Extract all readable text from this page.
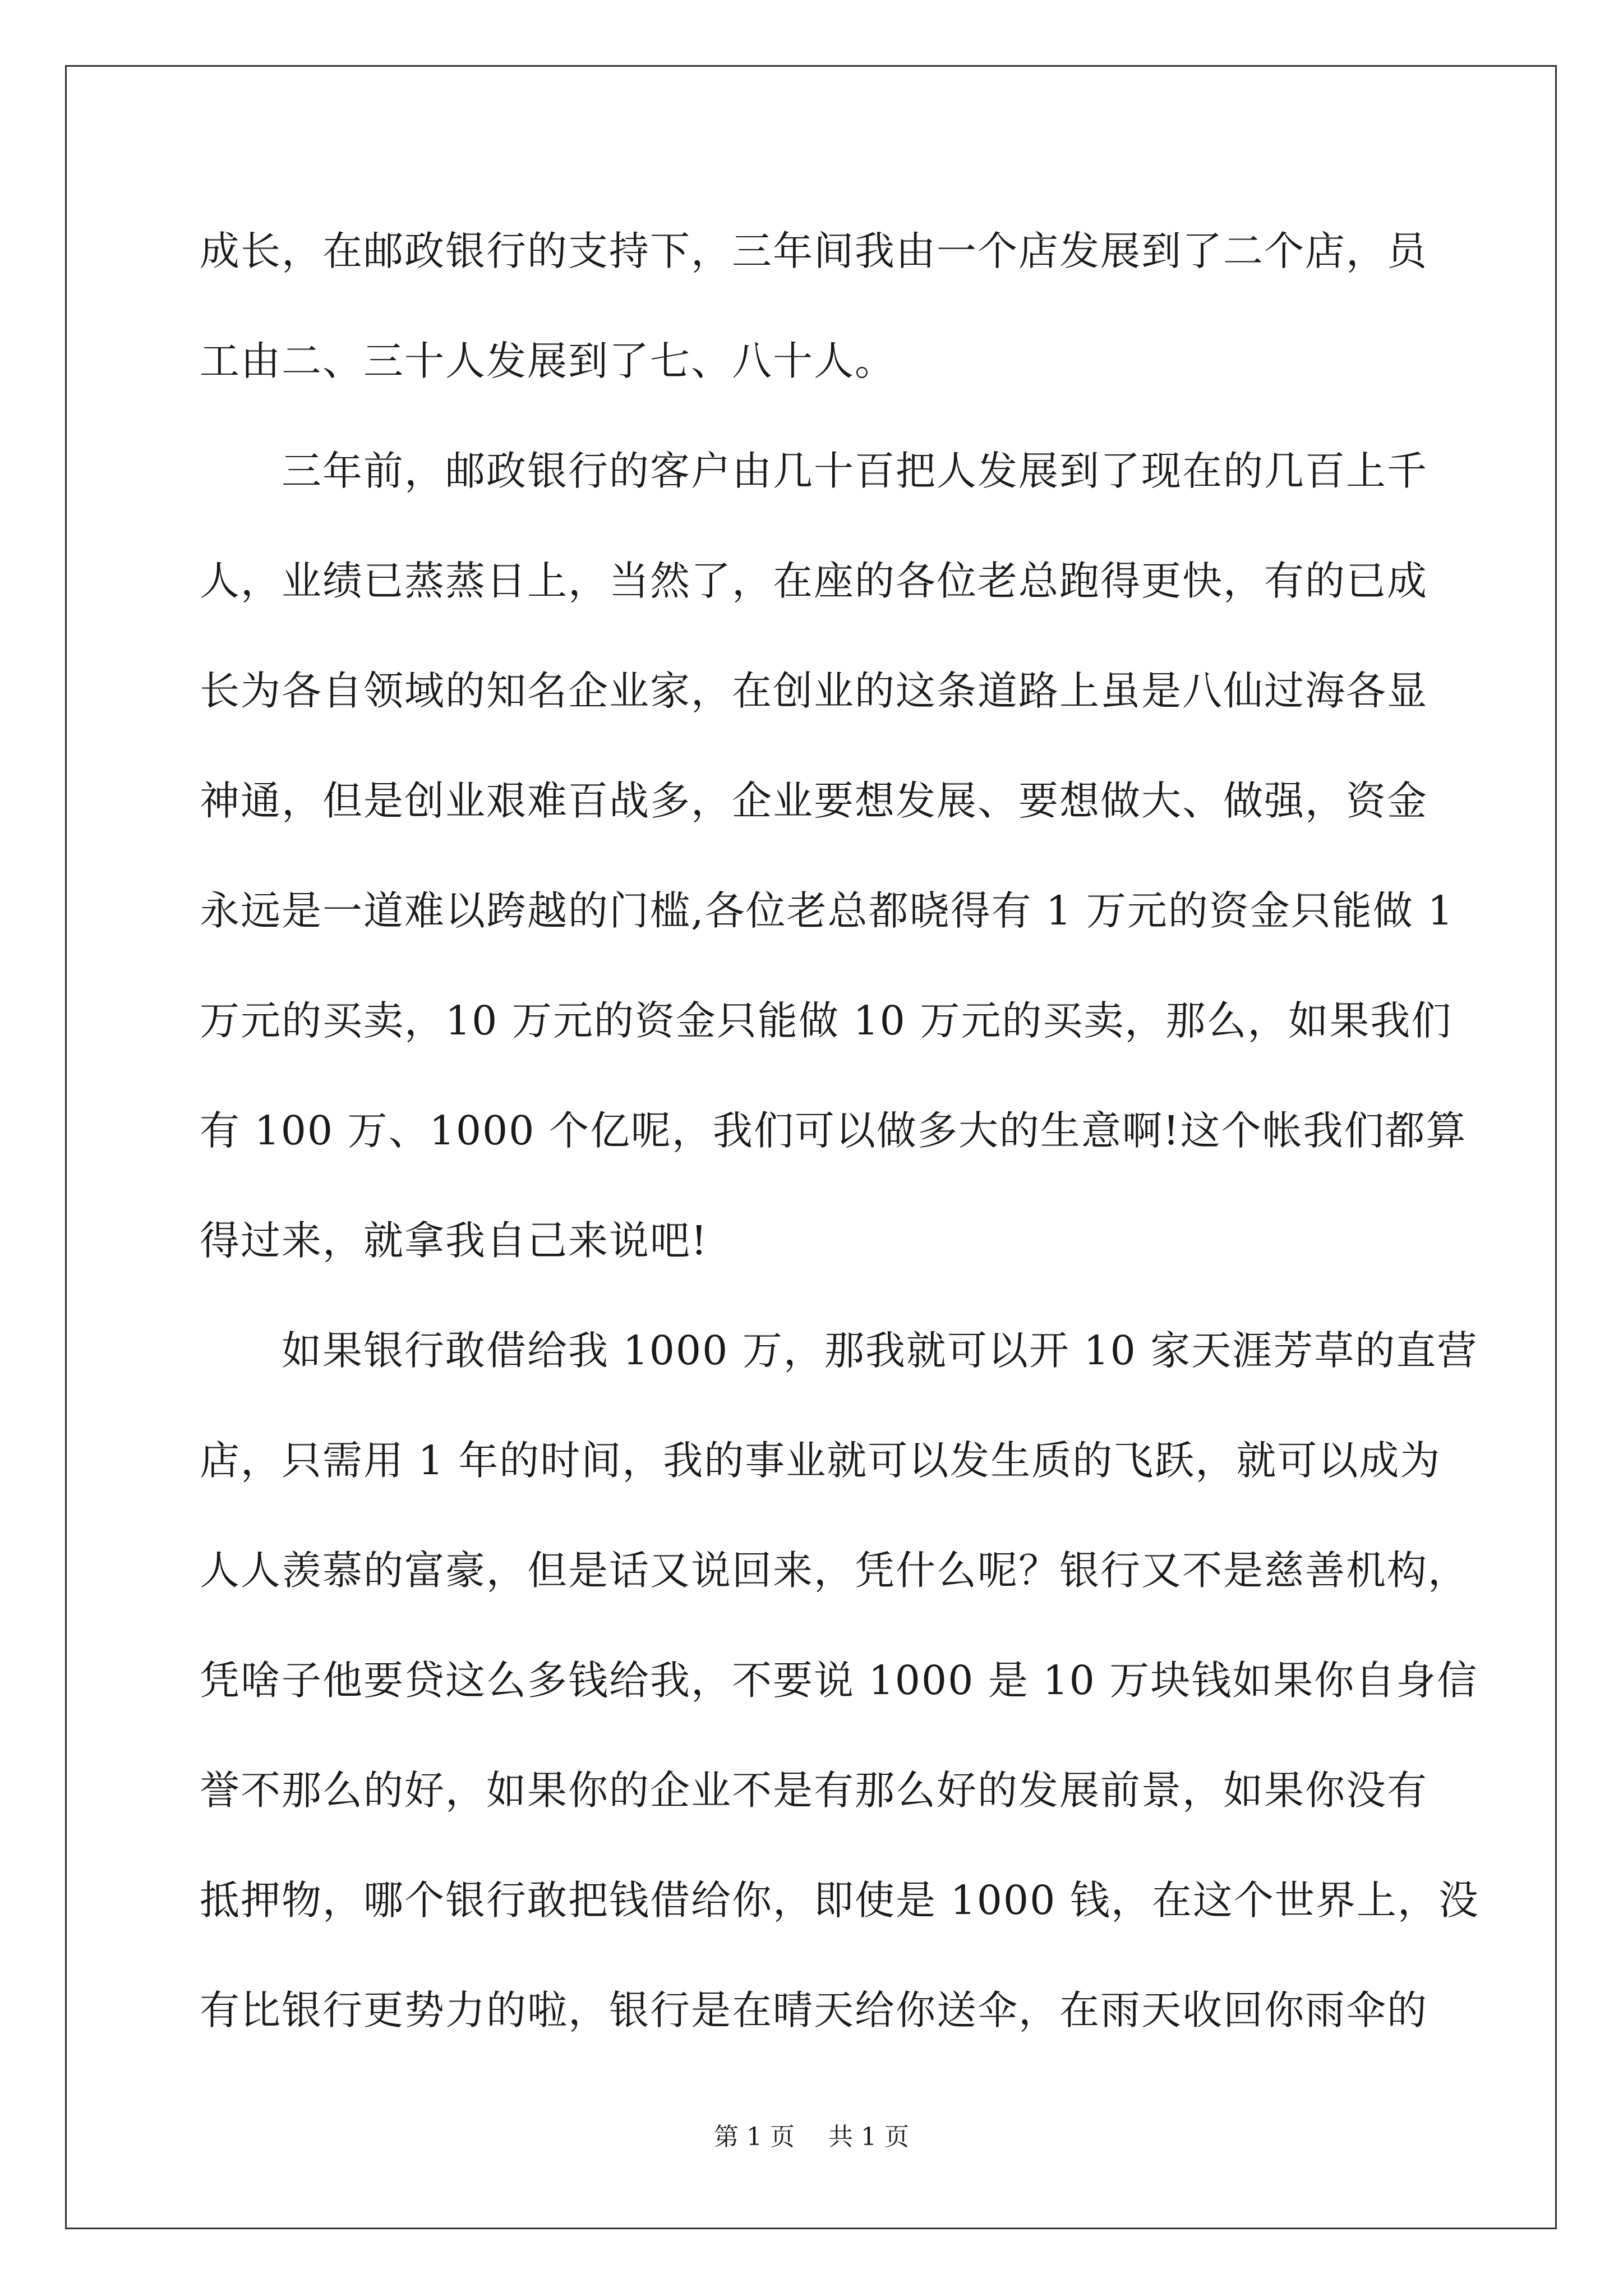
成长，在邮政银行的支持下，三年间我由一个店发展到了二个店，员
工由二、三十人发展到了七、八十人。
　　三年前，邮政银行的客户由几十百把人发展到了现在的几百上千
人，业绩已蒸蒸日上，当然了，在座的各位老总跑得更快，有的已成
长为各自领域的知名企业家，在创业的这条道路上虽是八仙过海各显
神通，但是创业艰难百战多，企业要想发展、要想做大、做强，资金
永远是一道难以跨越的门槛,各位老总都晓得有 1 万元的资金只能做 1
万元的买卖，10 万元的资金只能做 10 万元的买卖，那么，如果我们
有 100 万、1000 个亿呢，我们可以做多大的生意啊!这个帐我们都算
得过来，就拿我自己来说吧!
　　如果银行敢借给我 1000 万，那我就可以开 10 家天涯芳草的直营
店，只需用 1 年的时间，我的事业就可以发生质的飞跃，就可以成为
人人羡慕的富豪，但是话又说回来，凭什么呢？银行又不是慈善机构，
凭啥子他要贷这么多钱给我，不要说 1000 是 10 万块钱如果你自身信
誉不那么的好，如果你的企业不是有那么好的发展前景，如果你没有
抵押物，哪个银行敢把钱借给你，即使是 1000 钱，在这个世界上，没
有比银行更势力的啦，银行是在晴天给你送伞，在雨天收回你雨伞的
第 1 页 共 1 页
